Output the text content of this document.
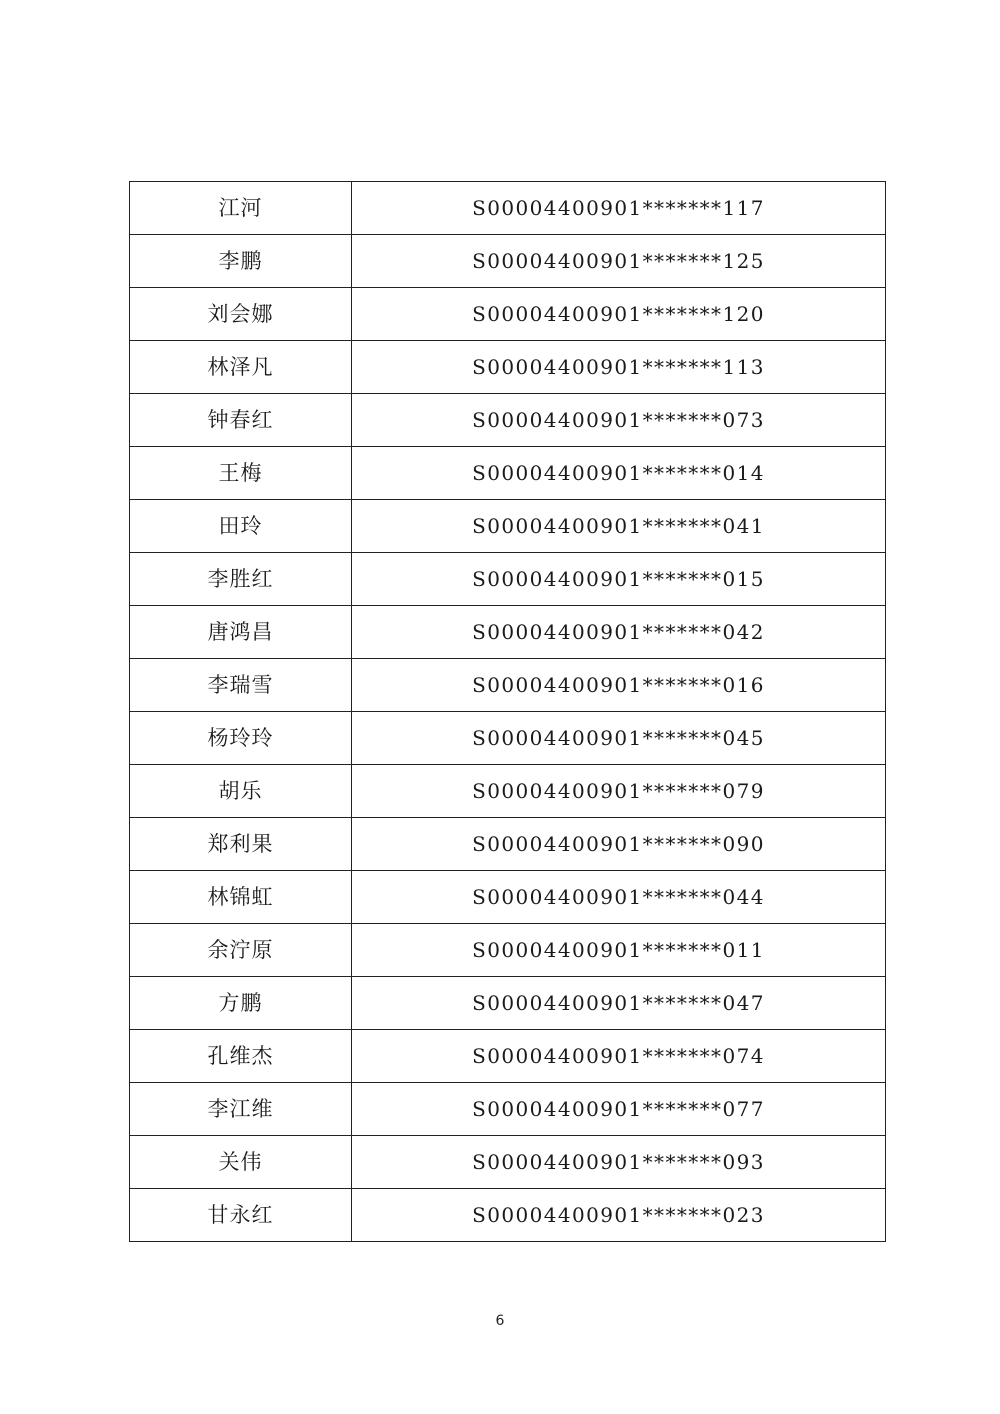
江河	S00004400901*******117
李鹏	S00004400901*******125
刘会娜	S00004400901*******120
林泽凡	S00004400901*******113
钟春红	S00004400901*******073
王梅	S00004400901*******014
田玲	S00004400901*******041
李胜红	S00004400901*******015
唐鸿昌	S00004400901*******042
李瑞雪	S00004400901*******016
杨玲玲	S00004400901*******045
胡乐	S00004400901*******079
郑利果	S00004400901*******090
林锦虹	S00004400901*******044
余泞原	S00004400901*******011
方鹏	S00004400901*******047
孔维杰	S00004400901*******074
李江维	S00004400901*******077
关伟	S00004400901*******093
甘永红	S00004400901*******023
6
